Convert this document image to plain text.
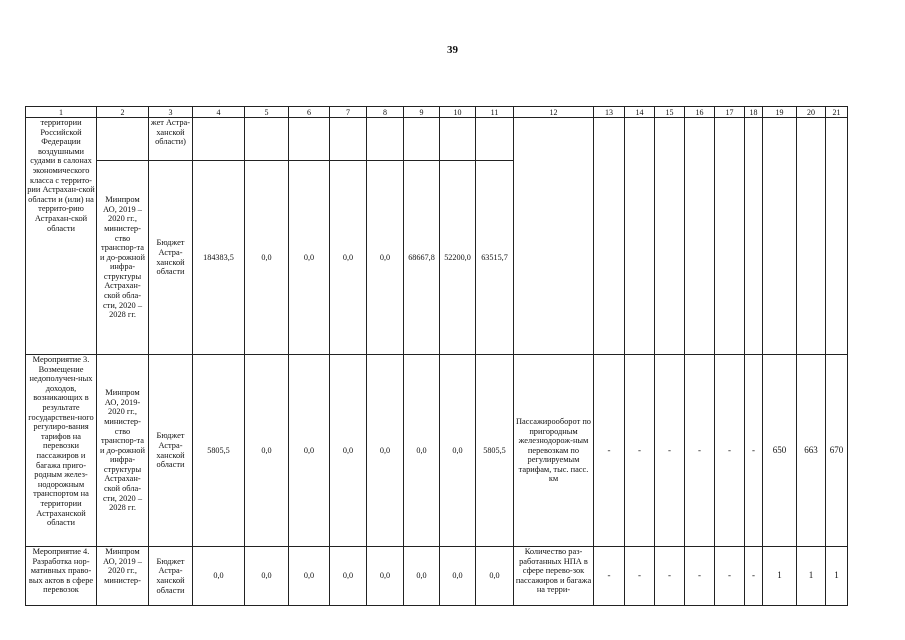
39
1	2	3	4	5	6	7	8	9	10	11	12	13	14	15	16	17	18	19	20	21
территории Российской Федерации воздушными судами в салонах экономического класса с террито-рии Астрахан-ской области и (или) на террито-рию Астрахан-ской области		жет Астра-ханской области)																		
	Минпром АО, 2019 – 2020 гг., министер-ство транспор-та и до-рожной инфра-структуры Астрахан-ской обла-сти, 2020 – 2028 гг.	Бюджет Астра-ханской области	184383,5	0,0	0,0	0,0	0,0	68667,8	52200,0	63515,7										
Мероприятие 3. Возмещение недополучен-ных доходов, возникающих в результате государствен-ного регулиро-вания тарифов на перевозки пассажиров и багажа приго-родным желез-нодорожным транспортом на территории Астраханской области	Минпром АО, 2019-2020 гг., министер-ство транспор-та и до-рожной инфра-структуры Астрахан-ской обла-сти, 2020 – 2028 гг.	Бюджет Астра-ханской области	5805,5	0,0	0,0	0,0	0,0	0,0	0,0	5805,5	Пассажирооборот по пригородным железнодорож-ным перевозкам по регулируемым тарифам, тыс. пасс. км	-	-	-	-	-	-	650	663	670
Мероприятие 4. Разработка нор-мативных право-вых актов в сфере перевозок	Минпром АО, 2019 – 2020 гг., министер-	Бюджет Астра-ханской области	0,0	0,0	0,0	0,0	0,0	0,0	0,0	0,0	Количество раз-работанных НПА в сфере перево-зок пассажиров и багажа на терри-	-	-	-	-	-	-	1	1	1
